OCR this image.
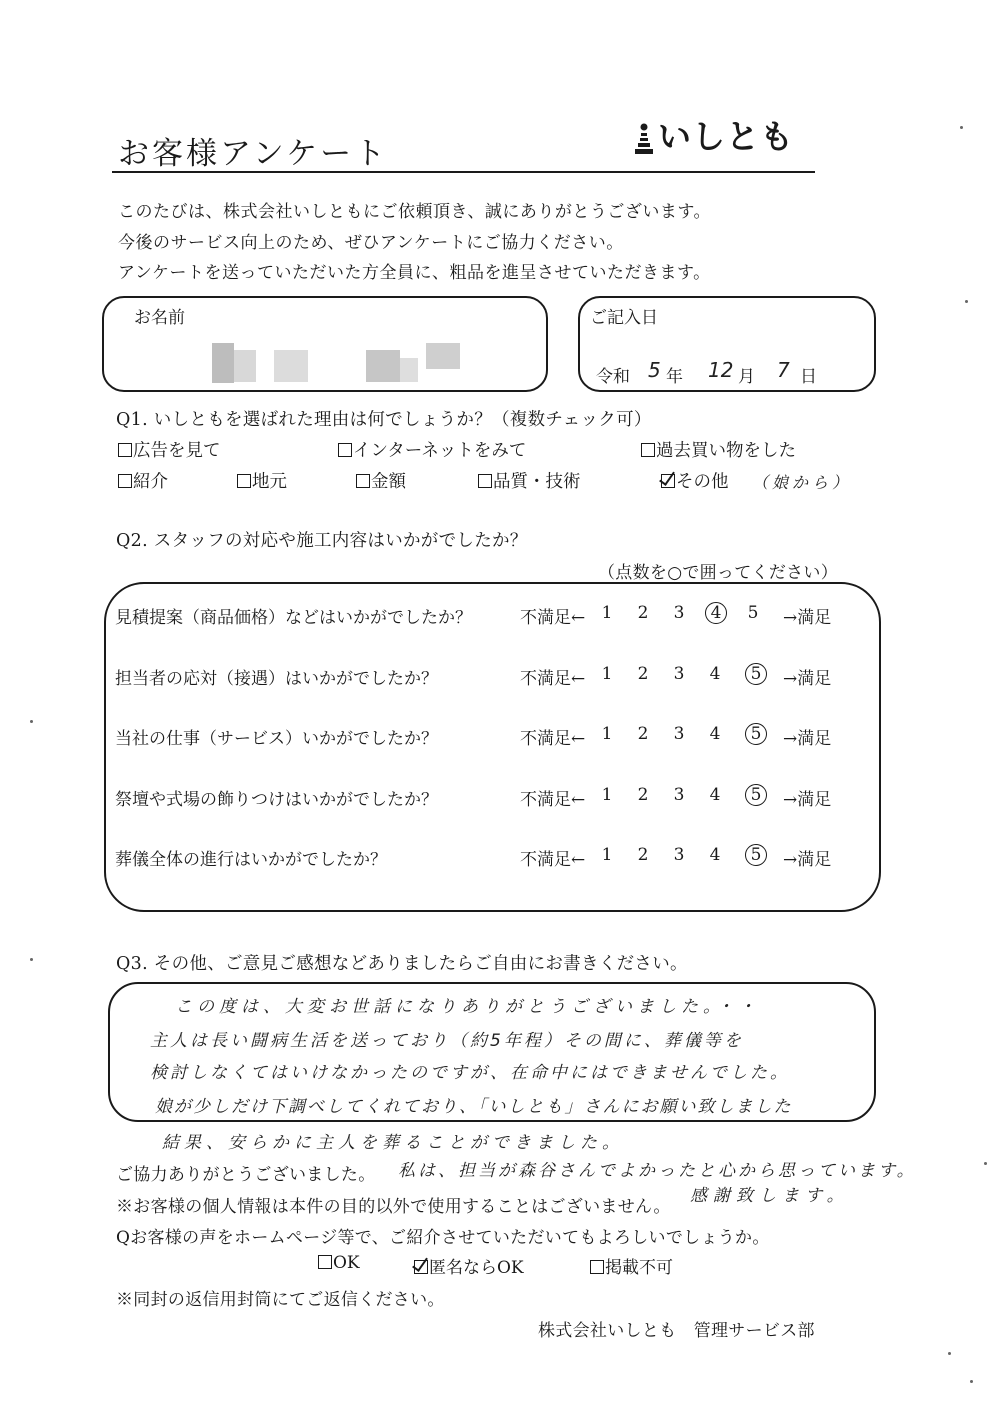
お客様アンケート	いしとも
このたびは、株式会社いしともにご依頼頂き、誠にありがとうございます。
今後のサービス向上のため、ぜひアンケートにご協力ください。
アンケートを送っていただいた方全員に、粗品を進呈させていただきます。
お名前	ご記入日
令和 5 年 12 月 7 日
Q1. いしともを選ばれた理由は何でしょうか？（複数チェック可）
広告を見て	インターネットをみて	過去買い物をした
紹介	地元	金額	品質・技術	その他 （娘から）
Q2. スタッフの対応や施工内容はいかがでしたか？
（点数を○で囲ってください）
見積提案（商品価格）などはいかがでしたか？	不満足← 1	2	3	4	5	→満足
担当者の応対（接遇）はいかがでしたか？	不満足← 1	2	3	4	5	→満足
当社の仕事（サービス）いかがでしたか？	不満足← 1	2	3	4	5	→満足
祭壇や式場の飾りつけはいかがでしたか？	不満足← 1	2	3	4	5	→満足
葬儀全体の進行はいかがでしたか？	不満足← 1	2	3	4	5	→満足
Q3. その他、ご意見ご感想などありましたらご自由にお書きください。
この度は、大変お世話になりありがとうございました。・・
主人は長い闘病生活を送っており（約5年程）その間に、葬儀等を
検討しなくてはいけなかったのですが、在命中にはできませんでした。
娘が少しだけ下調べしてくれており、「いしとも」さんにお願い致しました
結果、安らかに主人を葬ることができました。
ご協力ありがとうございました。 私は、担当が森谷さんでよかったと心から思っています。
※お客様の個人情報は本件の目的以外で使用することはございません。
感謝致します。
Qお客様の声をホームページ等で、ご紹介させていただいてもよろしいでしょうか。
OK	匿名ならOK	掲載不可
※同封の返信用封筒にてご返信ください。
株式会社いしとも　管理サービス部
